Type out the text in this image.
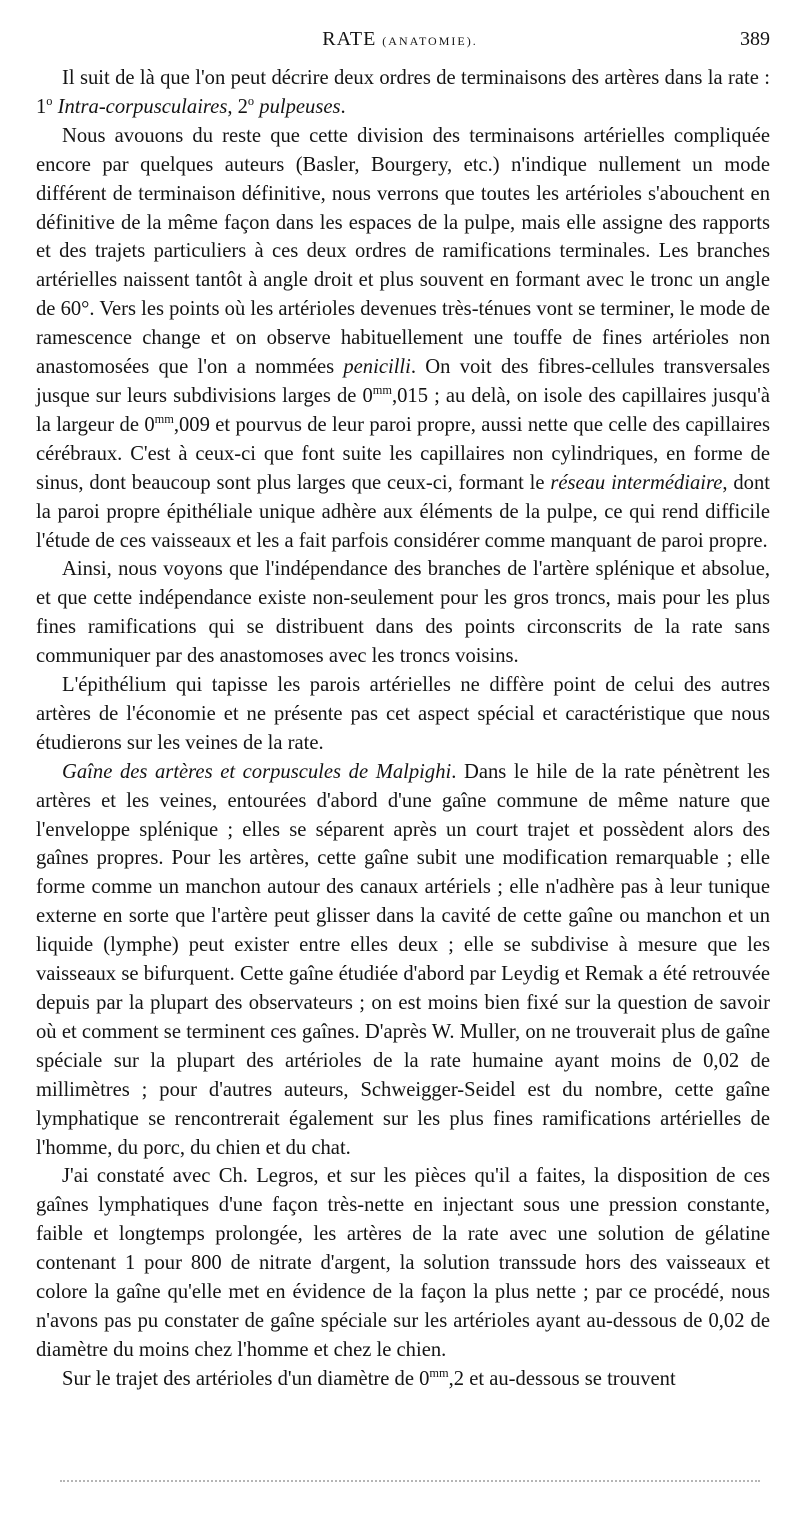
RATE (ANATOMIE).	389

Il suit de là que l'on peut décrire deux ordres de terminaisons des artères dans la rate : 1$^o$ Intra-corpusculaires, 2$^o$ pulpeuses.

Nous avouons du reste que cette division des terminaisons artérielles compliquée encore par quelques auteurs (Basler, Bourgery, etc.) n'indique nullement un mode différent de terminaison définitive, nous verrons que toutes les artérioles s'abouchent en définitive de la même façon dans les espaces de la pulpe, mais elle assigne des rapports et des trajets particuliers à ces deux ordres de ramifications terminales. Les branches artérielles naissent tantôt à angle droit et plus souvent en formant avec le tronc un angle de 60°. Vers les points où les artérioles devenues très-ténues vont se terminer, le mode de ramescence change et on observe habituellement une touffe de fines artérioles non anastomosées que l'on a nommées penicilli. On voit des fibres-cellules transversales jusque sur leurs subdivisions larges de $0^{mm},015$ ; au delà, on isole des capillaires jusqu'à la largeur de $0^{mm},009$ et pourvus de leur paroi propre, aussi nette que celle des capillaires cérébraux. C'est à ceux-ci que font suite les capillaires non cylindriques, en forme de sinus, dont beaucoup sont plus larges que ceux-ci, formant le réseau intermédiaire, dont la paroi propre épithéliale unique adhère aux éléments de la pulpe, ce qui rend difficile l'étude de ces vaisseaux et les a fait parfois considérer comme manquant de paroi propre.

Ainsi, nous voyons que l'indépendance des branches de l'artère splénique et absolue, et que cette indépendance existe non-seulement pour les gros troncs, mais pour les plus fines ramifications qui se distribuent dans des points circonscrits de la rate sans communiquer par des anastomoses avec les troncs voisins.

L'épithélium qui tapisse les parois artérielles ne diffère point de celui des autres artères de l'économie et ne présente pas cet aspect spécial et caractéristique que nous étudierons sur les veines de la rate.

Gaîne des artères et corpuscules de Malpighi. Dans le hile de la rate pénètrent les artères et les veines, entourées d'abord d'une gaîne commune de même nature que l'enveloppe splénique ; elles se séparent après un court trajet et possèdent alors des gaînes propres. Pour les artères, cette gaîne subit une modification remarquable ; elle forme comme un manchon autour des canaux artériels ; elle n'adhère pas à leur tunique externe en sorte que l'artère peut glisser dans la cavité de cette gaîne ou manchon et un liquide (lymphe) peut exister entre elles deux ; elle se subdivise à mesure que les vaisseaux se bifurquent. Cette gaîne étudiée d'abord par Leydig et Remak a été retrouvée depuis par la plupart des observateurs ; on est moins bien fixé sur la question de savoir où et comment se terminent ces gaînes. D'après W. Muller, on ne trouverait plus de gaîne spéciale sur la plupart des artérioles de la rate humaine ayant moins de 0,02 de millimètres ; pour d'autres auteurs, Schweigger-Seidel est du nombre, cette gaîne lymphatique se rencontrerait également sur les plus fines ramifications artérielles de l'homme, du porc, du chien et du chat.

J'ai constaté avec Ch. Legros, et sur les pièces qu'il a faites, la disposition de ces gaînes lymphatiques d'une façon très-nette en injectant sous une pression constante, faible et longtemps prolongée, les artères de la rate avec une solution de gélatine contenant 1 pour 800 de nitrate d'argent, la solution transsude hors des vaisseaux et colore la gaîne qu'elle met en évidence de la façon la plus nette ; par ce procédé, nous n'avons pas pu constater de gaîne spéciale sur les artérioles ayant au-dessous de 0,02 de diamètre du moins chez l'homme et chez le chien.

Sur le trajet des artérioles d'un diamètre de $0^{mm},2$ et au-dessous se trouvent
